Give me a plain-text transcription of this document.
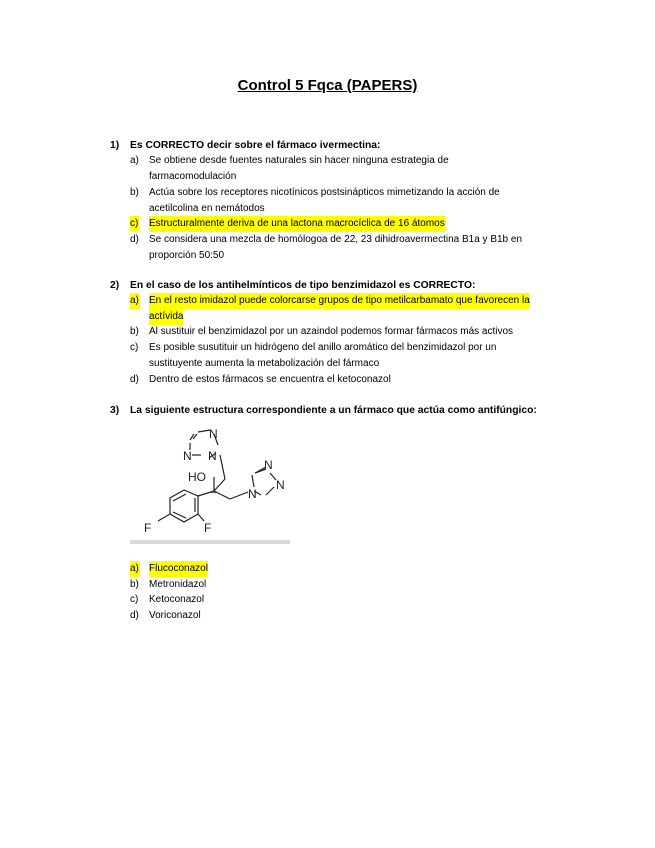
Control 5 Fqca (PAPERS)
1) Es CORRECTO decir sobre el fármaco ivermectina:
a) Se obtiene desde fuentes naturales sin hacer ninguna estrategia de
farmacomodulación
b) Actúa sobre los receptores nicotínicos postsinápticos mimetizando la acción de
acetilcolina en nemátodos
c) Estructuralmente deriva de una lactona macrocíclica de 16 átomos
d) Se considera una mezcla de homólogoa de 22, 23 dihidroavermectina B1a y B1b en
proporción 50:50
2) En el caso de los antihelmínticos de tipo benzimidazol es CORRECTO:
a) En el resto imidazol puede colorcarse grupos de tipo metilcarbamato que favorecen la
actívida
b) Al sustituir el benzimidazol por un azaindol podemos formar fármacos más activos
c) Es posible susutituir un hidrógeno del anillo aromático del benzimidazol por un
sustituyente aumenta la metabolización del fármaco
d) Dentro de estos fármacos se encuentra el ketoconazol
3) La siguiente estructura correspondiente a un fármaco que actúa como antifúngico:
N
N N
HO
N
N
N
F	F
~
a) Flucoconazol
b) Metronidazol
c) Ketoconazol
d) Voriconazol
